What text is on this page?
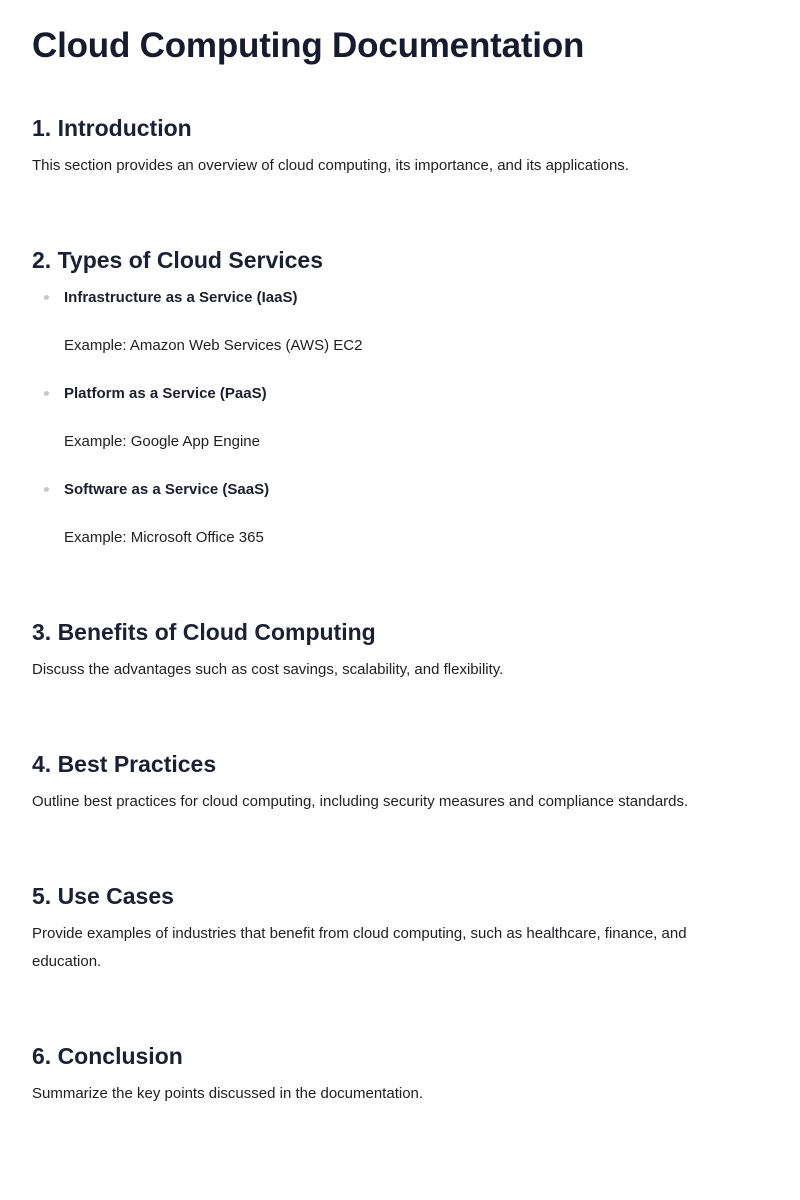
Cloud Computing Documentation
1. Introduction

This section provides an overview of cloud computing, its importance, and its applications.

2. Types of Cloud Services
Infrastructure as a Service (IaaS)
Example: Amazon Web Services (AWS) EC2
Platform as a Service (PaaS)
Example: Google App Engine
Software as a Service (SaaS)
Example: Microsoft Office 365
3. Benefits of Cloud Computing

Discuss the advantages such as cost savings, scalability, and flexibility.

4. Best Practices

Outline best practices for cloud computing, including security measures and compliance standards.

5. Use Cases

Provide examples of industries that benefit from cloud computing, such as healthcare, finance, and education.

6. Conclusion

Summarize the key points discussed in the documentation.
